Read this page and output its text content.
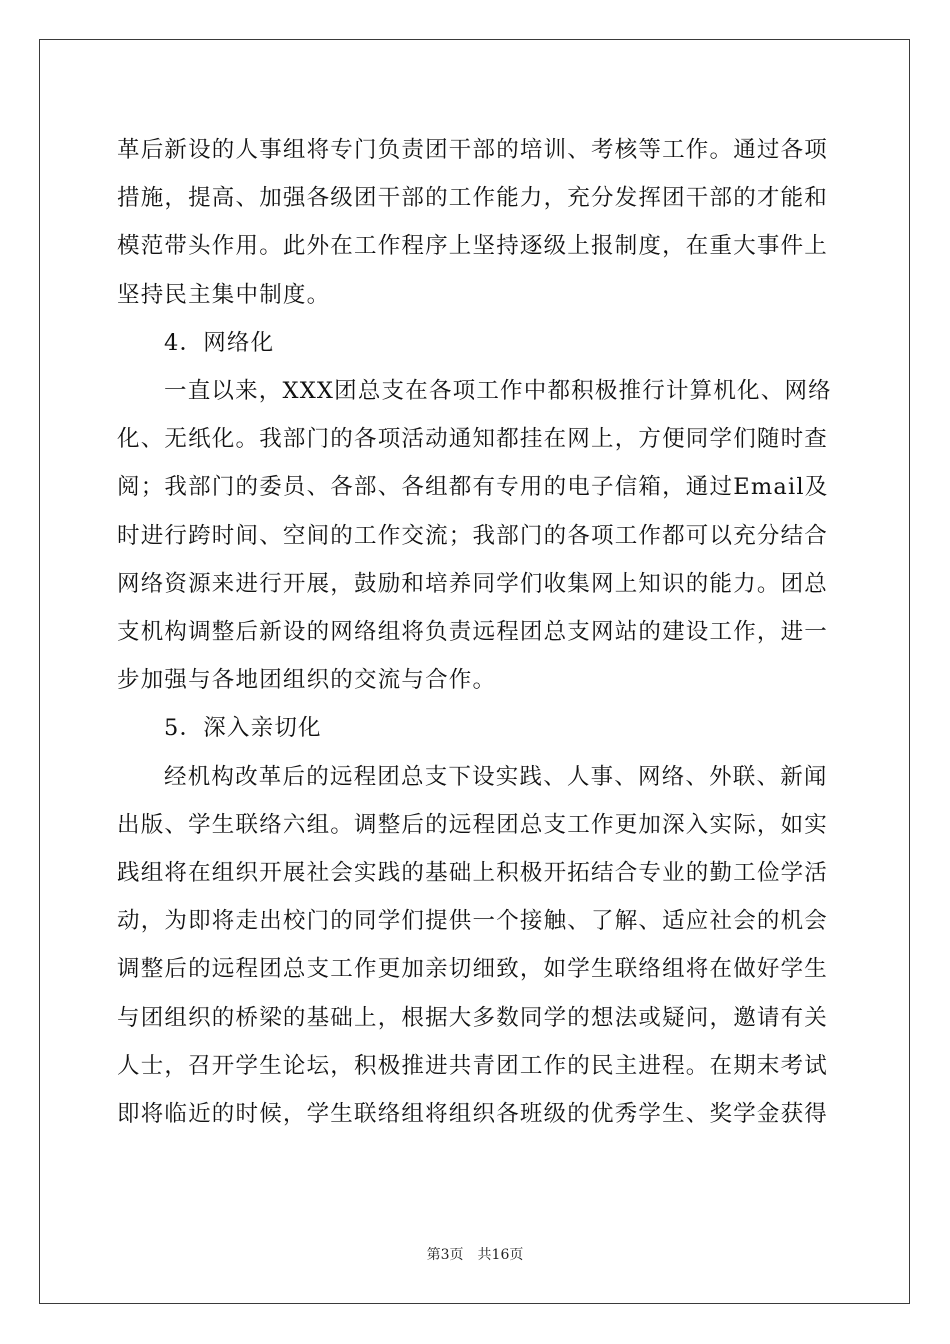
革后新设的人事组将专门负责团干部的培训、考核等工作。通过各项

措施，提高、加强各级团干部的工作能力，充分发挥团干部的才能和

模范带头作用。此外在工作程序上坚持逐级上报制度，在重大事件上

坚持民主集中制度。

4．网络化

一直以来，XXX团总支在各项工作中都积极推行计算机化、网络

化、无纸化。我部门的各项活动通知都挂在网上，方便同学们随时查

阅；我部门的委员、各部、各组都有专用的电子信箱，通过Email及

时进行跨时间、空间的工作交流；我部门的各项工作都可以充分结合

网络资源来进行开展，鼓励和培养同学们收集网上知识的能力。团总

支机构调整后新设的网络组将负责远程团总支网站的建设工作，进一

步加强与各地团组织的交流与合作。

5．深入亲切化

经机构改革后的远程团总支下设实践、人事、网络、外联、新闻

出版、学生联络六组。调整后的远程团总支工作更加深入实际，如实

践组将在组织开展社会实践的基础上积极开拓结合专业的勤工俭学活

动，为即将走出校门的同学们提供一个接触、了解、适应社会的机会

调整后的远程团总支工作更加亲切细致，如学生联络组将在做好学生

与团组织的桥梁的基础上，根据大多数同学的想法或疑问，邀请有关

人士，召开学生论坛，积极推进共青团工作的民主进程。在期末考试

即将临近的时候，学生联络组将组织各班级的优秀学生、奖学金获得

第3页 共16页
